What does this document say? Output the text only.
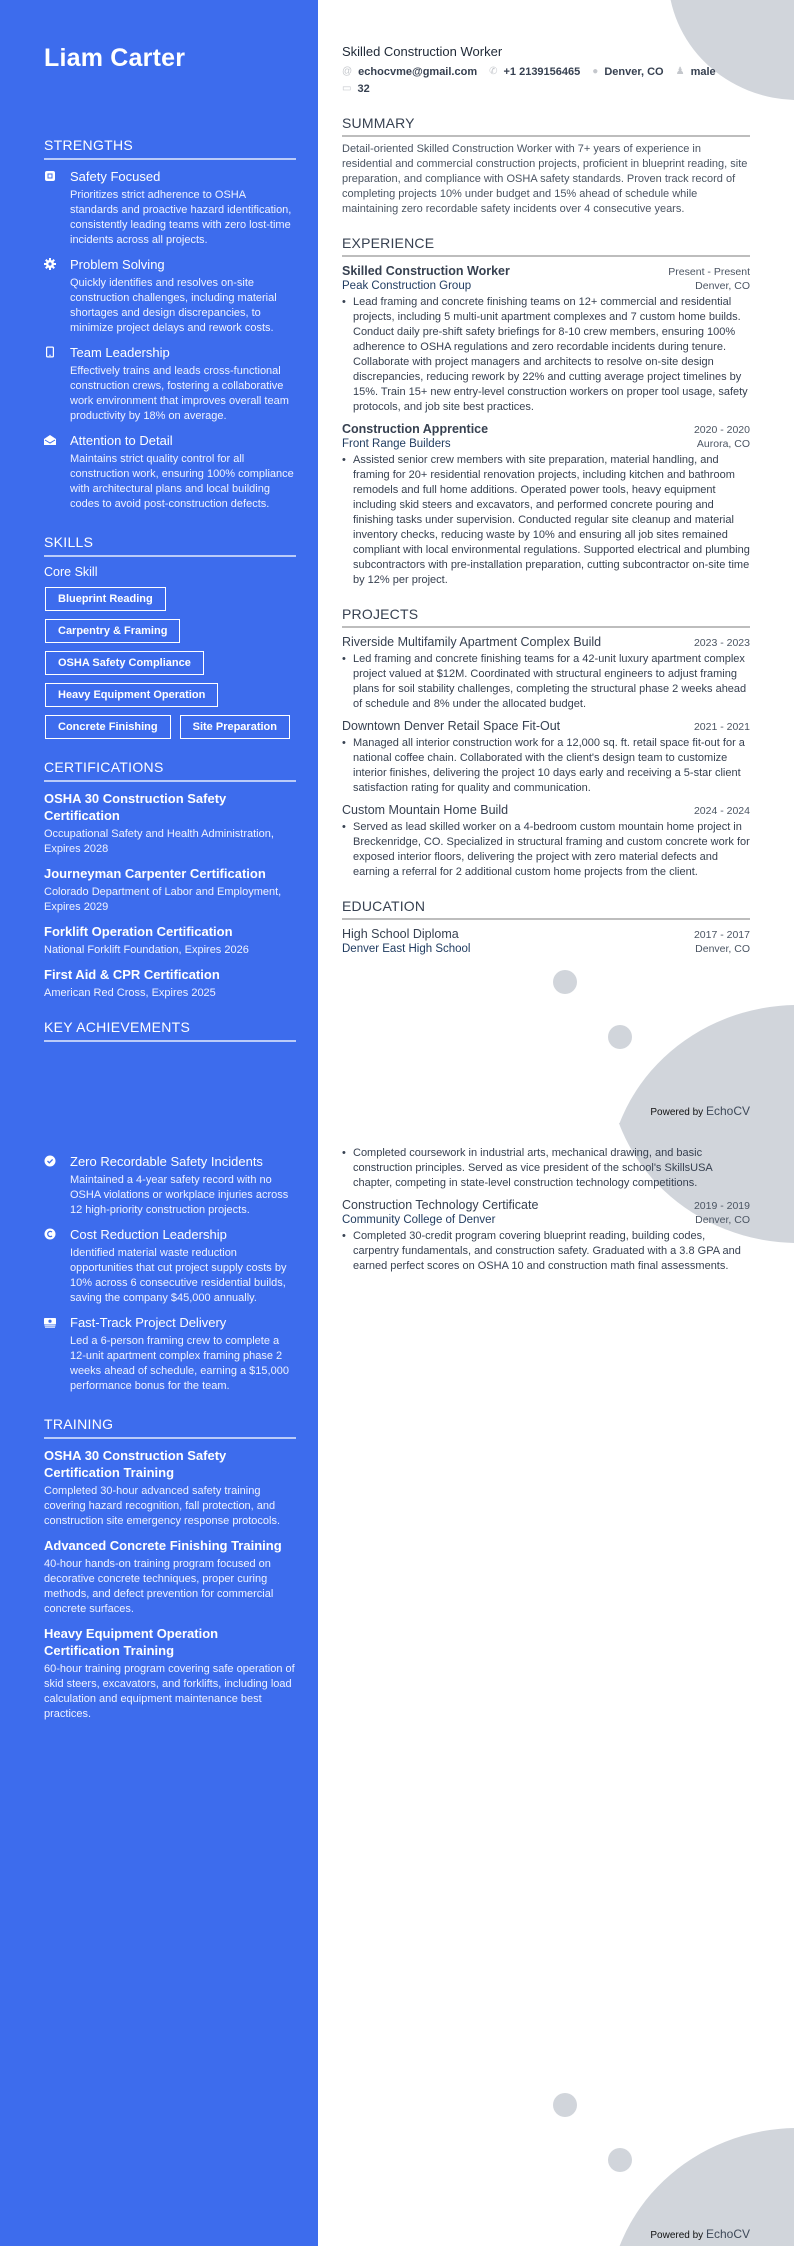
Liam Carter
STRENGTHS
Safety Focused
Prioritizes strict adherence to OSHA standards and proactive hazard identification, consistently leading teams with zero lost-time incidents across all projects.
Problem Solving
Quickly identifies and resolves on-site construction challenges, including material shortages and design discrepancies, to minimize project delays and rework costs.
Team Leadership
Effectively trains and leads cross-functional construction crews, fostering a collaborative work environment that improves overall team productivity by 18% on average.
Attention to Detail
Maintains strict quality control for all construction work, ensuring 100% compliance with architectural plans and local building codes to avoid post-construction defects.
SKILLS
Core Skill
Blueprint Reading
Carpentry & Framing
OSHA Safety Compliance
Heavy Equipment Operation
Concrete Finishing	Site Preparation
CERTIFICATIONS
OSHA 30 Construction Safety Certification
Occupational Safety and Health Administration, Expires 2028
Journeyman Carpenter Certification
Colorado Department of Labor and Employment, Expires 2029
Forklift Operation Certification
National Forklift Foundation, Expires 2026
First Aid & CPR Certification
American Red Cross, Expires 2025
KEY ACHIEVEMENTS
Skilled Construction Worker
@ echocvme@gmail.com ✆ +1 2139156465 ● Denver, CO ♟ male
▭ 32
SUMMARY
Detail-oriented Skilled Construction Worker with 7+ years of experience in residential and commercial construction projects, proficient in blueprint reading, site preparation, and compliance with OSHA safety standards. Proven track record of completing projects 10% under budget and 15% ahead of schedule while maintaining zero recordable safety incidents over 4 consecutive years.
EXPERIENCE
Skilled Construction Worker	Present - Present
Peak Construction Group	Denver, CO
• Lead framing and concrete finishing teams on 12+ commercial and residential projects, including 5 multi-unit apartment complexes and 7 custom home builds. Conduct daily pre-shift safety briefings for 8-10 crew members, ensuring 100% adherence to OSHA regulations and zero recordable incidents during tenure. Collaborate with project managers and architects to resolve on-site design discrepancies, reducing rework by 22% and cutting average project timelines by 15%. Train 15+ new entry-level construction workers on proper tool usage, safety protocols, and job site best practices.
Construction Apprentice	2020 - 2020
Front Range Builders	Aurora, CO
• Assisted senior crew members with site preparation, material handling, and framing for 20+ residential renovation projects, including kitchen and bathroom remodels and full home additions. Operated power tools, heavy equipment including skid steers and excavators, and performed concrete pouring and finishing tasks under supervision. Conducted regular site cleanup and material inventory checks, reducing waste by 10% and ensuring all job sites remained compliant with local environmental regulations. Supported electrical and plumbing subcontractors with pre-installation preparation, cutting subcontractor on-site time by 12% per project.
PROJECTS
Riverside Multifamily Apartment Complex Build	2023 - 2023
• Led framing and concrete finishing teams for a 42-unit luxury apartment complex project valued at $12M. Coordinated with structural engineers to adjust framing plans for soil stability challenges, completing the structural phase 2 weeks ahead of schedule and 8% under the allocated budget.
Downtown Denver Retail Space Fit-Out	2021 - 2021
• Managed all interior construction work for a 12,000 sq. ft. retail space fit-out for a national coffee chain. Collaborated with the client's design team to customize interior finishes, delivering the project 10 days early and receiving a 5-star client satisfaction rating for quality and communication.
Custom Mountain Home Build	2024 - 2024
• Served as lead skilled worker on a 4-bedroom custom mountain home project in Breckenridge, CO. Specialized in structural framing and custom concrete work for exposed interior floors, delivering the project with zero material defects and earning a referral for 2 additional custom home projects from the client.
EDUCATION
High School Diploma	2017 - 2017
Denver East High School	Denver, CO
Powered by EchoCV
Zero Recordable Safety Incidents
Maintained a 4-year safety record with no OSHA violations or workplace injuries across 12 high-priority construction projects.
Cost Reduction Leadership
Identified material waste reduction opportunities that cut project supply costs by 10% across 6 consecutive residential builds, saving the company $45,000 annually.
Fast-Track Project Delivery
Led a 6-person framing crew to complete a 12-unit apartment complex framing phase 2 weeks ahead of schedule, earning a $15,000 performance bonus for the team.
TRAINING
OSHA 30 Construction Safety Certification Training
Completed 30-hour advanced safety training covering hazard recognition, fall protection, and construction site emergency response protocols.
Advanced Concrete Finishing Training
40-hour hands-on training program focused on decorative concrete techniques, proper curing methods, and defect prevention for commercial concrete surfaces.
Heavy Equipment Operation Certification Training
60-hour training program covering safe operation of skid steers, excavators, and forklifts, including load calculation and equipment maintenance best practices.
• Completed coursework in industrial arts, mechanical drawing, and basic construction principles. Served as vice president of the school's SkillsUSA chapter, competing in state-level construction technology competitions.
Construction Technology Certificate	2019 - 2019
Community College of Denver	Denver, CO
• Completed 30-credit program covering blueprint reading, building codes, carpentry fundamentals, and construction safety. Graduated with a 3.8 GPA and earned perfect scores on OSHA 10 and construction math final assessments.
Powered by EchoCV
